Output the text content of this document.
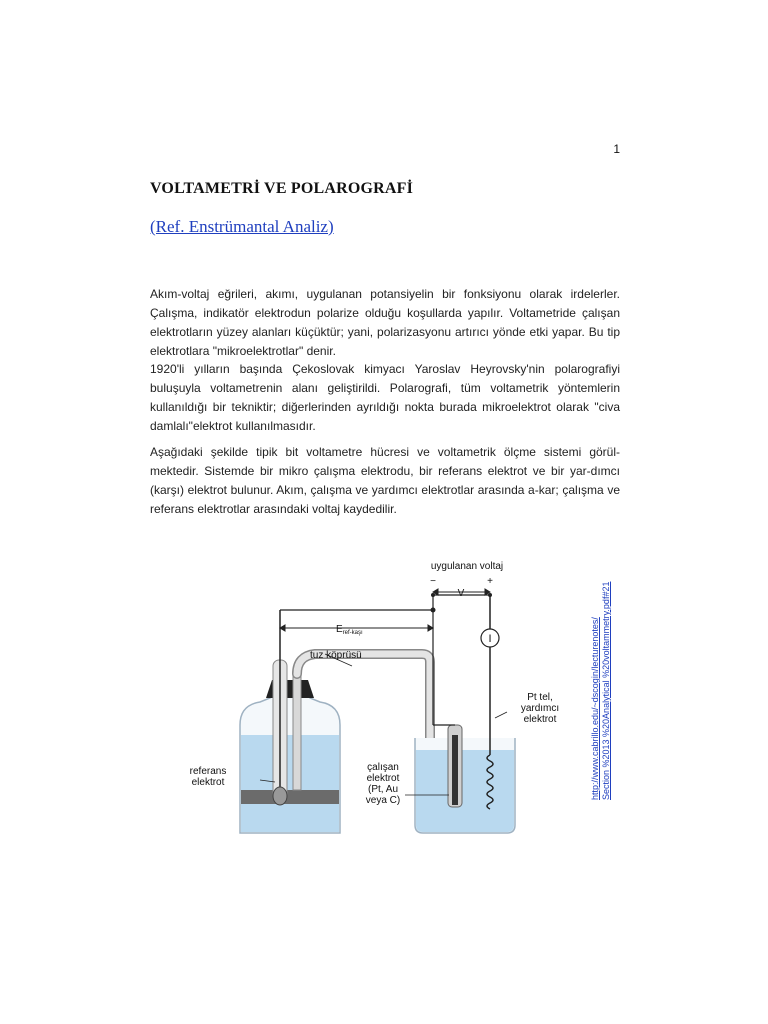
1
VOLTAMETRİ VE POLAROGRAFİ
(Ref. Enstrümantal Analiz)

Akım-voltaj eğrileri, akımı, uygulanan potansiyelin bir fonksiyonu olarak irdelerler. Çalışma, indikatör elektrodun polarize olduğu koşullarda yapılır. Voltametride çalışan elektrotların yüzey alanları küçüktür; yani, polarizasyonu artırıcı yönde etki yapar. Bu tip elektrotlara "mikroelektrotlar" denir.

1920'li yılların başında Çekoslovak kimyacı Yaroslav Heyrovsky'nin polarografiyi buluşuyla voltametrenin alanı geliştirildi. Polarografi, tüm voltametrik yöntemlerin kullanıldığı bir tekniktir; diğerlerinden ayrıldığı nokta burada mikroelektrot olarak "civa damlalı"elektrot kullanılmasıdır.

Aşağıdaki şekilde tipik bit voltametre hücresi ve voltametrik ölçme sistemi görül-mektedir. Sistemde bir mikro çalışma elektrodu, bir referans elektrot ve bir yar-dımcı (karşı) elektrot bulunur. Akım, çalışma ve yardımcı elektrotlar arasında a-kar; çalışma ve referans elektrotlar arasındaki voltaj kaydedilir.

I
uygulanan voltaj
V
−	+
$E_{ref-kaşı}$
tuz köprüsü
Pt tel,
yardımcı
elektrot
referans
elektrot
çalışan
elektrot
(Pt, Au
veya C)
http://www.cabrillo.edu/~dscogin/lecturenotes/ Section %2013 %20Analytical %20voltammetry.pdf#21
